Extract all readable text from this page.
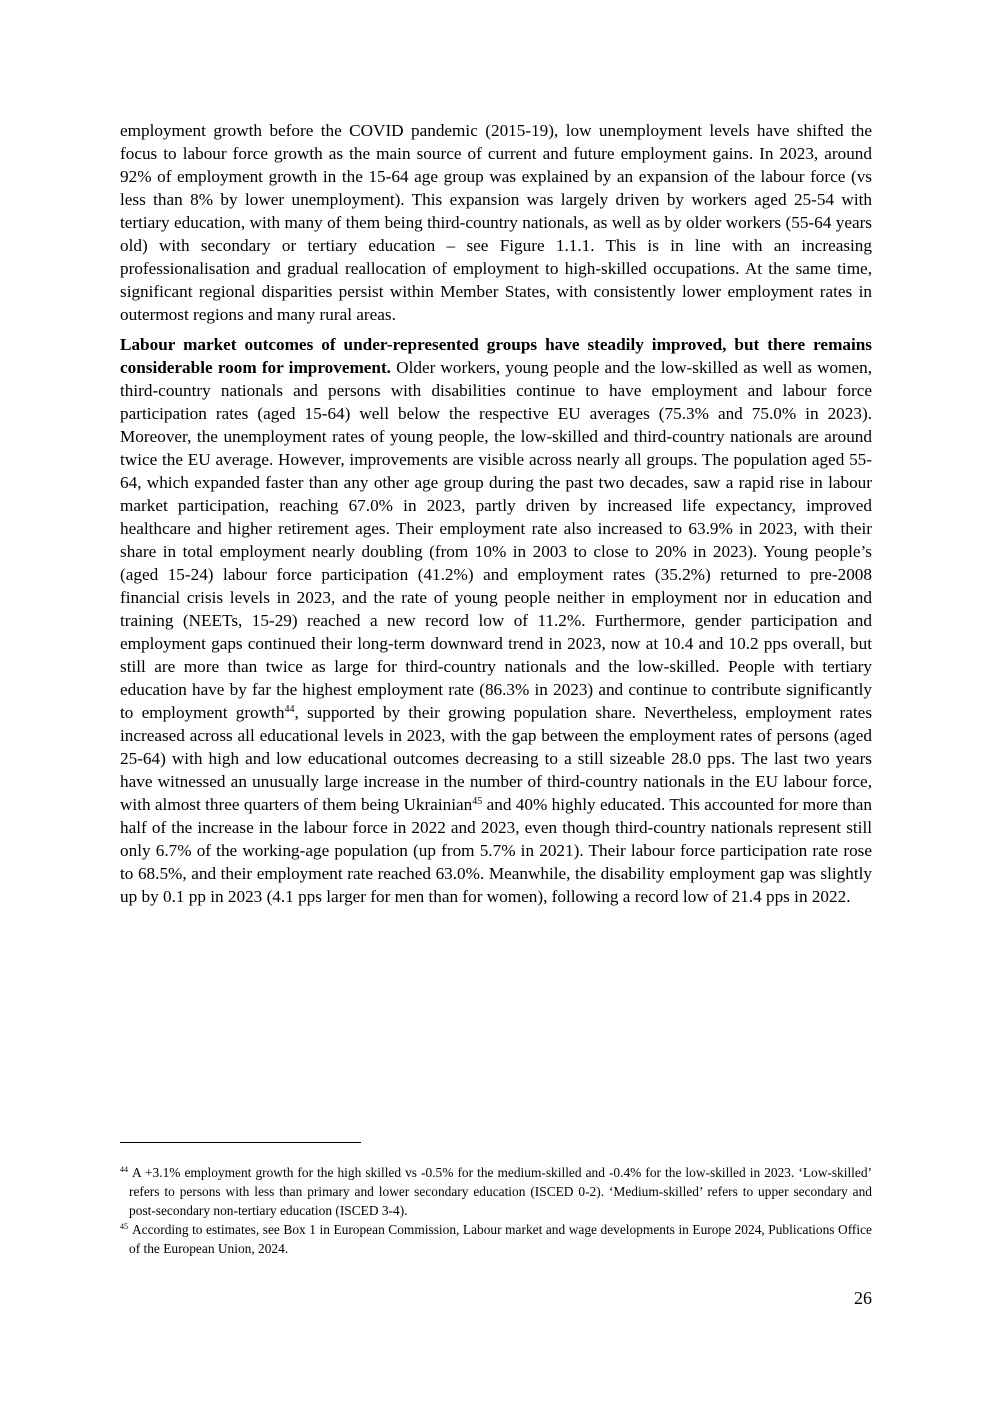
employment growth before the COVID pandemic (2015-19), low unemployment levels have shifted the focus to labour force growth as the main source of current and future employment gains. In 2023, around 92% of employment growth in the 15-64 age group was explained by an expansion of the labour force (vs less than 8% by lower unemployment). This expansion was largely driven by workers aged 25-54 with tertiary education, with many of them being third-country nationals, as well as by older workers (55-64 years old) with secondary or tertiary education – see Figure 1.1.1. This is in line with an increasing professionalisation and gradual reallocation of employment to high-skilled occupations. At the same time, significant regional disparities persist within Member States, with consistently lower employment rates in outermost regions and many rural areas.

Labour market outcomes of under-represented groups have steadily improved, but there remains considerable room for improvement. Older workers, young people and the low-skilled as well as women, third-country nationals and persons with disabilities continue to have employment and labour force participation rates (aged 15-64) well below the respective EU averages (75.3% and 75.0% in 2023). Moreover, the unemployment rates of young people, the low-skilled and third-country nationals are around twice the EU average. However, improvements are visible across nearly all groups. The population aged 55-64, which expanded faster than any other age group during the past two decades, saw a rapid rise in labour market participation, reaching 67.0% in 2023, partly driven by increased life expectancy, improved healthcare and higher retirement ages. Their employment rate also increased to 63.9% in 2023, with their share in total employment nearly doubling (from 10% in 2003 to close to 20% in 2023). Young people’s (aged 15-24) labour force participation (41.2%) and employment rates (35.2%) returned to pre-2008 financial crisis levels in 2023, and the rate of young people neither in employment nor in education and training (NEETs, 15-29) reached a new record low of 11.2%. Furthermore, gender participation and employment gaps continued their long-term downward trend in 2023, now at 10.4 and 10.2 pps overall, but still are more than twice as large for third-country nationals and the low-skilled. People with tertiary education have by far the highest employment rate (86.3% in 2023) and continue to contribute significantly to employment growth$^{44}$, supported by their growing population share. Nevertheless, employment rates increased across all educational levels in 2023, with the gap between the employment rates of persons (aged 25-64) with high and low educational outcomes decreasing to a still sizeable 28.0 pps. The last two years have witnessed an unusually large increase in the number of third-country nationals in the EU labour force, with almost three quarters of them being Ukrainian$^{45}$ and 40% highly educated. This accounted for more than half of the increase in the labour force in 2022 and 2023, even though third-country nationals represent still only 6.7% of the working-age population (up from 5.7% in 2021). Their labour force participation rate rose to 68.5%, and their employment rate reached 63.0%. Meanwhile, the disability employment gap was slightly up by 0.1 pp in 2023 (4.1 pps larger for men than for women), following a record low of 21.4 pps in 2022.

$^{44}$ A +3.1% employment growth for the high skilled vs -0.5% for the medium-skilled and -0.4% for the low-skilled in 2023. ‘Low-skilled’ refers to persons with less than primary and lower secondary education (ISCED 0-2). ‘Medium-skilled’ refers to upper secondary and post-secondary non-tertiary education (ISCED 3-4).

$^{45}$ According to estimates, see Box 1 in European Commission, Labour market and wage developments in Europe 2024, Publications Office of the European Union, 2024.

26
